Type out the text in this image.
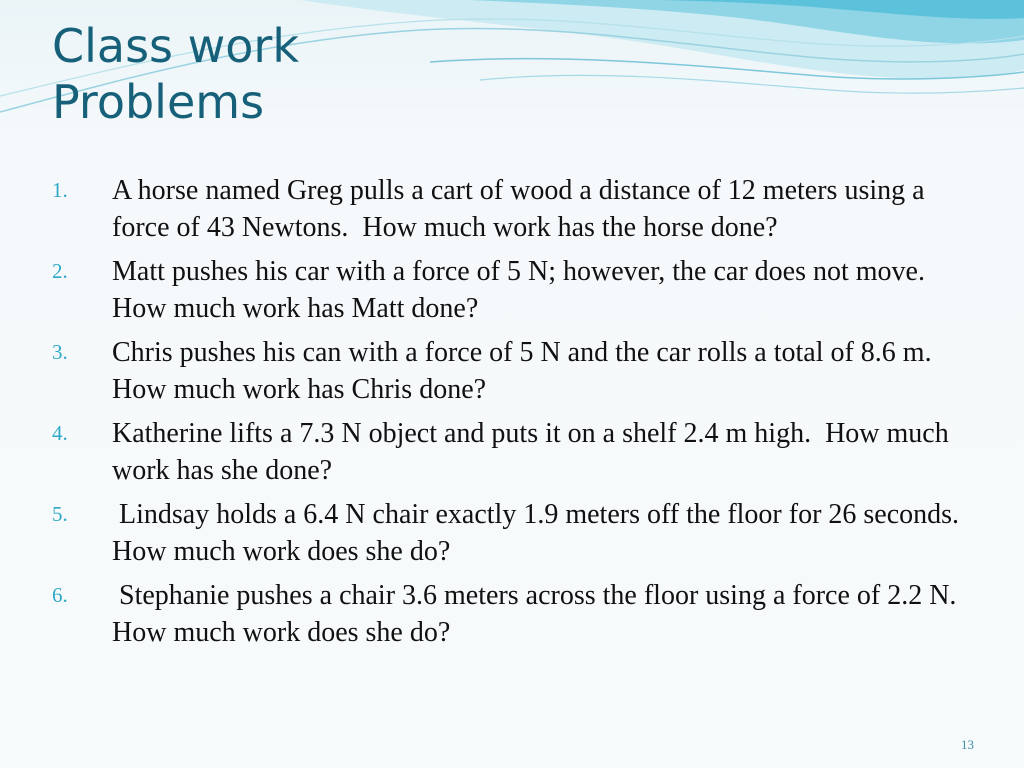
Class work
Problems
1.	A horse named Greg pulls a cart of wood a distance of 12 meters using a force of 43 Newtons.  How much work has the horse done?
2.	Matt pushes his car with a force of 5 N; however, the car does not move.  How much work has Matt done?
3.	Chris pushes his can with a force of 5 N and the car rolls a total of 8.6 m.  How much work has Chris done?
4.	Katherine lifts a 7.3 N object and puts it on a shelf 2.4 m high.  How much work has she done?
5.	Lindsay holds a 6.4 N chair exactly 1.9 meters off the floor for 26 seconds.  How much work does she do?
6.	Stephanie pushes a chair 3.6 meters across the floor using a force of 2.2 N.  How much work does she do?
13
